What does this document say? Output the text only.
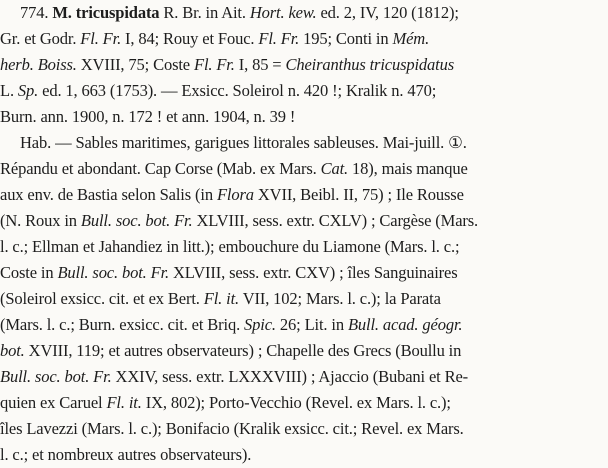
774. M. tricuspidata R. Br. in Ait. Hort. kew. ed. 2, IV, 120 (1812);
Gr. et Godr. Fl. Fr. I, 84; Rouy et Fouc. Fl. Fr. 195; Conti in Mém.
herb. Boiss. XVIII, 75; Coste Fl. Fr. I, 85 = Cheiranthus tricuspidatus
L. Sp. ed. 1, 663 (1753). — Exsicc. Soleirol n. 420 !; Kralik n. 470;
Burn. ann. 1900, n. 172 ! et ann. 1904, n. 39 !
Hab. — Sables maritimes, garigues littorales sableuses. Mai-juill. ①.
Répandu et abondant. Cap Corse (Mab. ex Mars. Cat. 18), mais manque
aux env. de Bastia selon Salis (in Flora XVII, Beibl. II, 75) ; Ile Rousse
(N. Roux in Bull. soc. bot. Fr. XLVIII, sess. extr. CXLV) ; Cargèse (Mars.
l. c.; Ellman et Jahandiez in litt.); embouchure du Liamone (Mars. l. c.;
Coste in Bull. soc. bot. Fr. XLVIII, sess. extr. CXV) ; îles Sanguinaires
(Soleirol exsicc. cit. et ex Bert. Fl. it. VII, 102; Mars. l. c.); la Parata
(Mars. l. c.; Burn. exsicc. cit. et Briq. Spic. 26; Lit. in Bull. acad. géogr.
bot. XVIII, 119; et autres observateurs) ; Chapelle des Grecs (Boullu in
Bull. soc. bot. Fr. XXIV, sess. extr. LXXXVIII) ; Ajaccio (Bubani et Re-
quien ex Caruel Fl. it. IX, 802); Porto-Vecchio (Revel. ex Mars. l. c.);
îles Lavezzi (Mars. l. c.); Bonifacio (Kralik exsicc. cit.; Revel. ex Mars.
l. c.; et nombreux autres observateurs).
